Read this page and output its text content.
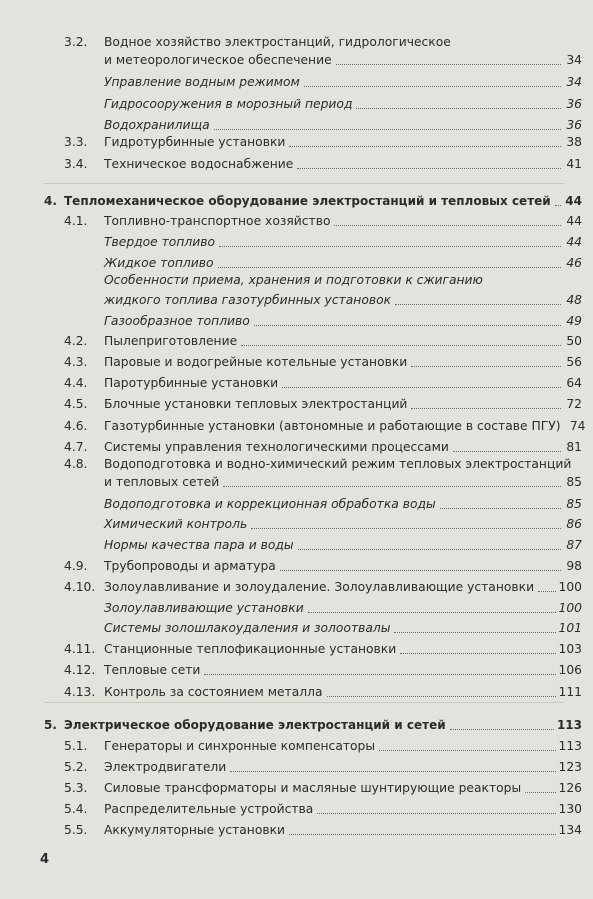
3.2. Водное хозяйство электростанций, гидрологическое
и метеорологическое обеспечение	34
Управление водным режимом	34
Гидросооружения в морозный период	36
Водохранилища	36
3.3. Гидротурбинные установки	38
3.4. Техническое водоснабжение	41
4. Тепломеханическое оборудование электростанций и тепловых сетей 44
4.1. Топливно-транспортное хозяйство	44
Твердое топливо	44
Жидкое топливо	46
Особенности приема, хранения и подготовки к сжиганию
жидкого топлива газотурбинных установок	48
Газообразное топливо	49
4.2. Пылеприготовление	50
4.3. Паровые и водогрейные котельные установки	56
4.4. Паротурбинные установки	64
4.5. Блочные установки тепловых электростанций	72
4.6. Газотурбинные установки (автономные и работающие в составе ПГУ) 74
4.7. Системы управления технологическими процессами	81
4.8. Водоподготовка и водно-химический режим тепловых электростанций
и тепловых сетей	85
Водоподготовка и коррекционная обработка воды	85
Химический контроль	86
Нормы качества пара и воды	87
4.9. Трубопроводы и арматура	98
4.10. Золоулавливание и золоудаление. Золоулавливающие установки 100
Золоулавливающие установки	100
Системы золошлакоудаления и золоотвалы	101
4.11. Станционные теплофикационные установки	103
4.12. Тепловые сети	106
4.13. Контроль за состоянием металла	111
5. Электрическое оборудование электростанций и сетей	113
5.1. Генераторы и синхронные компенсаторы	113
5.2. Электродвигатели	123
5.3. Силовые трансформаторы и масляные шунтирующие реакторы	126
5.4. Распределительные устройства	130
5.5. Аккумуляторные установки	134
4
